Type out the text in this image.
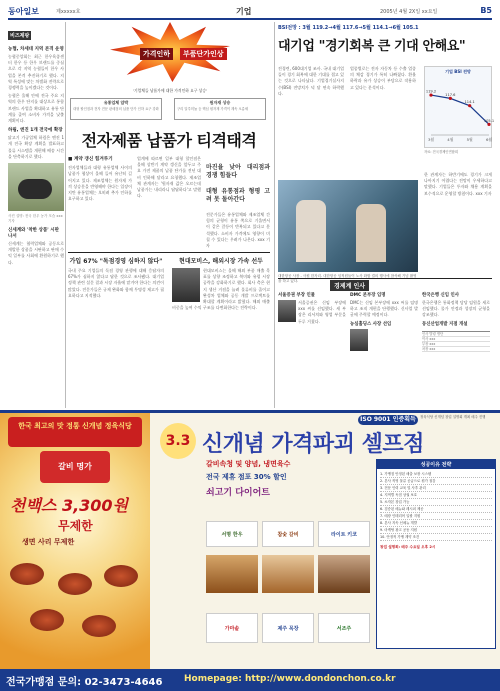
동아일보	제xxxxx호	기업	2005년 4월 2X일 xx요일	B5
비즈제팡
농협, 차세대 지역 본격 운영

농협중앙회는 최근 한우육종센터 한우 등 한우 브랜드를 중심으로 각 지역 농협들이 한우 사업을 본격 추진하기로 했다. 지역 특성에 맞는 차별화 전략으로 경쟁력을 높이겠다는 것이다.

농협은 올해 안에 전국 주요 지역의 한우 단지를 대상으로 통합 브랜드 사업을 확대하고 유통 단계를 줄여 소비자 가격을 낮출 계획이다.

하림, 엔진 1개 전국에 확장

닭고기 가공업체 하림은 엔진 1개 전국 확장 계획을 발표하고 물류 시스템을 개편해 배송 시간을 단축하기로 했다.

사진 설명: 전국 한우 농가 모습 xxx 기자
신세계와 '착한 상품' 시판 나서

신세계는 협력업체와 공동으로 개발한 상품을 시판하고 판매 수익 일부를 사회에 환원하기로 했다.

가격인하	부품단가인상
'기업체들 납품가에 대한 가격인하 요구 상승'
유통업체 압박
대형 할인점과 전자 전문 판매점의 납품 단가 인하 요구 강화
원자재 상승
구리 알루미늄 등 핵심 원자재 가격이 계속 오름세
전자제품 납품가 티격태격
■ 계약 갱신 힘겨루기

전자업체들과 대형 유통업체 사이의 납품가 협상이 올해 들어 유난히 길어지고 있다. 제조업체는 원자재 가격 상승분을 반영해야 한다는 입장이지만 유통업체는 오히려 추가 인하를 요구하고 있다.

업계에 따르면 일부 대형 할인점은 올해 상반기 계약 갱신을 앞두고 주요 가전 제품의 납품 단가를 전년 대비 인하해 달라고 요청했다. 제조업체 관계자는 '원자재 값은 오르는데 납품가는 내리라니 답답하다'고 말했다.

마진율 낮아 대리점과 경쟁 힘들다
대형 유통점과 형평 고려 못 돌아간다

전문가들은 유통업체와 제조업체 간 힘의 균형이 유통 쪽으로 기울면서 이 같은 갈등이 반복되고 있다고 분석했다. 소비자 가격에도 영향이 미칠 수 있다는 우려가 나온다. xxx 기자

가입 67% "독점경영 심하지 않다"
국내 주요 기업들의 독점 경영 관행에 대해 응답자의 67%가 심하지 않다고 답한 것으로 조사됐다. 대기업 정책 관련 설문 결과 시장 자율에 맡겨야 한다는 의견이 많았다. 전문가들은 규제 완화와 함께 투명성 제고가 필요하다고 지적했다.
현대모비스, 해외시장 가속 선두
현대모비스는 올해 해외 부품 매출 목표를 상향 조정하고 북미와 유럽 시장 공략을 강화하기로 했다. 회사 측은 현지 생산 거점을 늘려 물류비를 줄이고 완성차 업체와 공동 개발 프로젝트를 확대할 계획이라고 밝혔다. 해외 매출 비중을 높여 수익 구조를 다변화한다는 전략이다.
BSI전망 : 3월 119.2→4월 117.6→5월 114.1→6월 105.1
대기업 "경기회복 큰 기대 안해요"
전경련, 600대기업 조사. 국내 대기업들이 경기 회복에 대한 기대를 접고 있는 것으로 나타났다. 기업경기실사지수(BSI) 전망치가 넉 달 연속 하락했다.
업종별로는 전자 자동차 등 수출 업종의 체감 경기가 특히 나빠졌다. 환율 하락과 유가 상승이 부담으로 작용하고 있다는 분석이다.
기업 BSI 전망
119.2
3월
117.6
4월
114.1
5월
105.1
6월
자료: 전국경제인연합회
대한항공 사장 - 사원 한자리. 대한항공 임직원들이 노사 화합 결의 행사에 참석해 기념 촬영을 하고 있다.
한 관계자는 하반기에도 경기가 크게 나아지기 어렵다는 전망이 우세하다고 말했다. 기업들은 투자와 채용 계획을 보수적으로 운영할 방침이다. xxx 기자
경제계 인사
서울증권 부장 인물
서울증권은 신임 부장에 xxx 씨를 선임했다. 새 부장은 리서치와 영업 부문을 두루 거쳤다.
DMC 본부장 임명
DMC는 신임 본부장에 xxx 씨를 임명하고 조직 개편을 단행했다. 신사업 발굴에 주력할 예정이다.
농심홀딩스 사장 선임
한국은행 신임 인사
한국은행은 통화정책 담당 임원을 새로 선임했다. 물가 안정과 성장의 균형을 강조했다.
동신산업개발 지점 개설
인사 발령 명단
이사 xxx
부장 xxx
차장 xxx
한국 최고의 맛 정통 신개념 정육식당
갈비 명가
천백스 3,300원
무제한
생면 사리 무제한
3.3
ISO 9001 인증획득	정육식당 신개념 창업 설명회 개최 매주 진행
신개념 가격파괴 셀프점
갈비속청 및 양념, 냉면육수
전국 제휴 점포 30% 할인
쇠고기 다이어트
서명 한우	참숯 갈비	라이트 키코
성공이유 전략
1. 가맹점 안정된 매출 보장 시스템
2. 본사 직영 물류 공급으로 원가 절감
3. 전문 인력 교육 및 사후 관리
4. 지역별 독점 상권 보호
5. 소자본 창업 가능
6. 검증된 메뉴와 레시피 제공
7. 매장 인테리어 일괄 지원
8. 본사 지속 신메뉴 개발
9. 마케팅 광고 공동 지원
10. 안정적 가맹 계약 조건
창업 설명회: 매주 수요일 오후 2시
가마솥	제주 목장	서조주
전국가맹점 문의: 02-3473-4646 Homepage: http://www.dondonchon.co.kr
